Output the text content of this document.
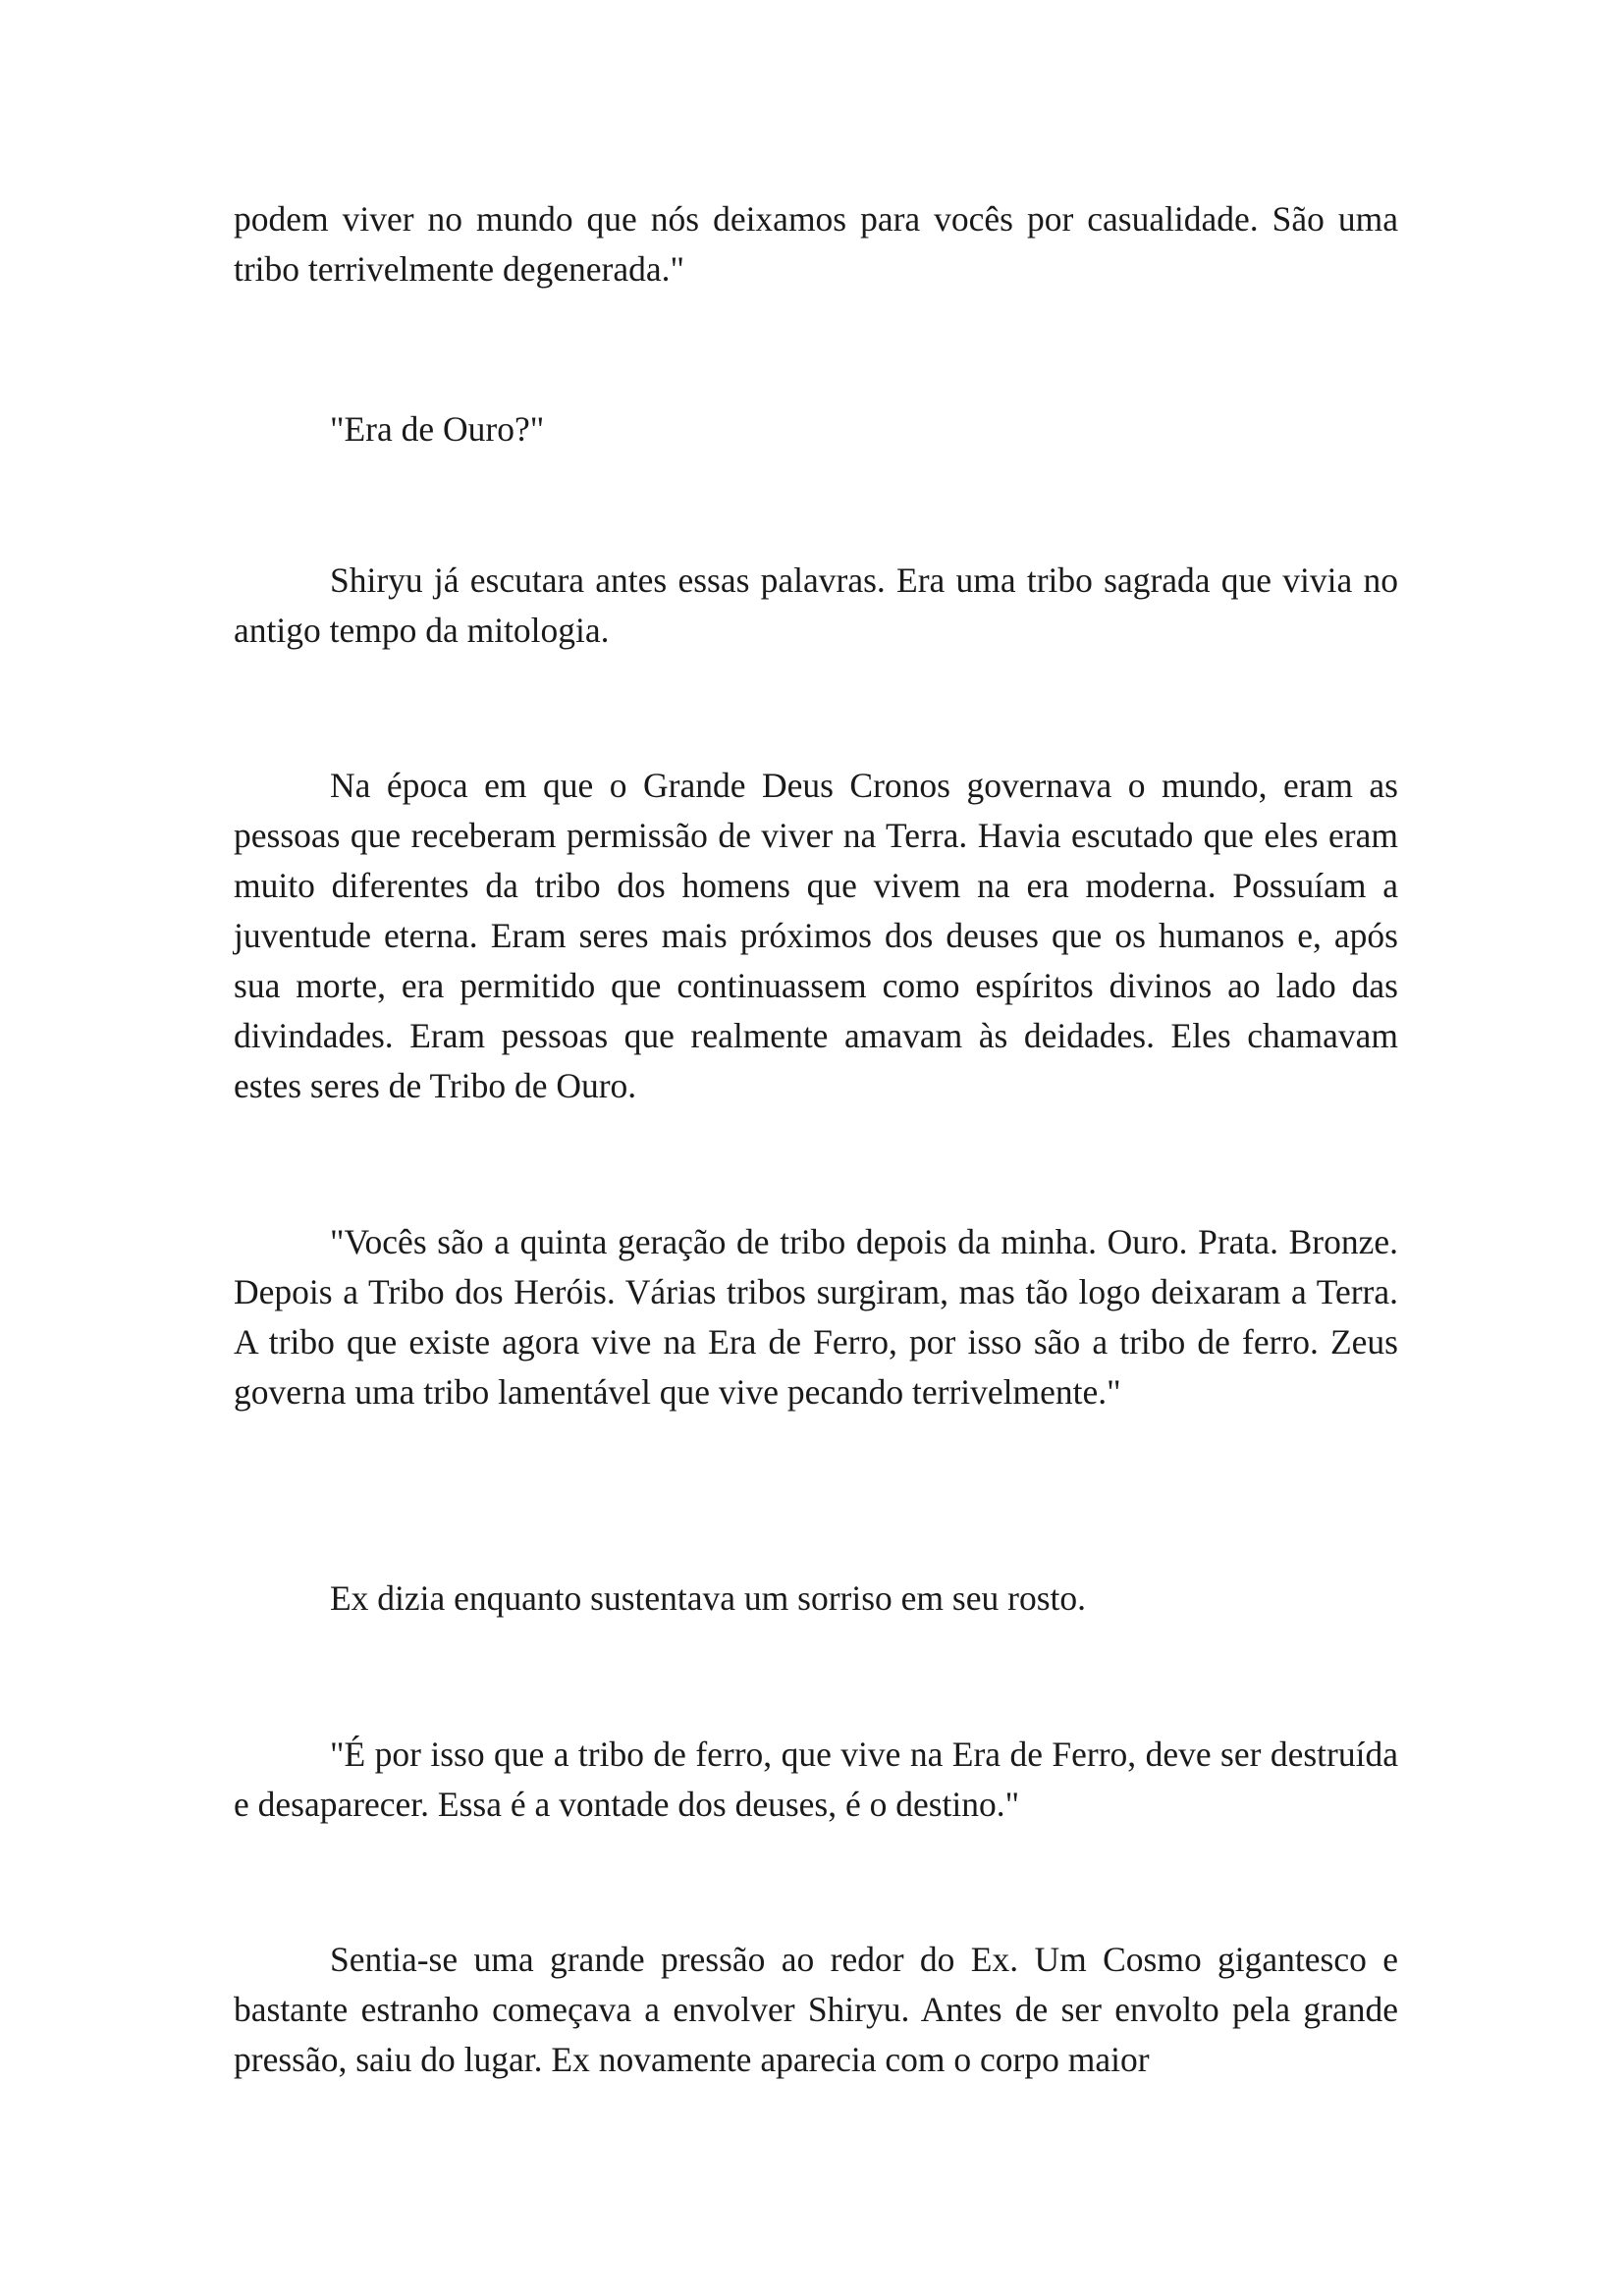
podem viver no mundo que nós deixamos para vocês por casualidade. São uma tribo terrivelmente degenerada."

"Era de Ouro?"

Shiryu já escutara antes essas palavras. Era uma tribo sagrada que vivia no antigo tempo da mitologia.

Na época em que o Grande Deus Cronos governava o mundo, eram as pessoas que receberam permissão de viver na Terra. Havia escutado que eles eram muito diferentes da tribo dos homens que vivem na era moderna. Possuíam a juventude eterna. Eram seres mais próximos dos deuses que os humanos e, após sua morte, era permitido que continuassem como espíritos divinos ao lado das divindades. Eram pessoas que realmente amavam às deidades. Eles chamavam estes seres de Tribo de Ouro.

"Vocês são a quinta geração de tribo depois da minha. Ouro. Prata. Bronze. Depois a Tribo dos Heróis. Várias tribos surgiram, mas tão logo deixaram a Terra. A tribo que existe agora vive na Era de Ferro, por isso são a tribo de ferro. Zeus governa uma tribo lamentável que vive pecando terrivelmente."

Ex dizia enquanto sustentava um sorriso em seu rosto.

"É por isso que a tribo de ferro, que vive na Era de Ferro, deve ser destruída e desaparecer. Essa é a vontade dos deuses, é o destino."

Sentia-se uma grande pressão ao redor do Ex. Um Cosmo gigantesco e bastante estranho começava a envolver Shiryu. Antes de ser envolto pela grande pressão, saiu do lugar. Ex novamente aparecia com o corpo maior
